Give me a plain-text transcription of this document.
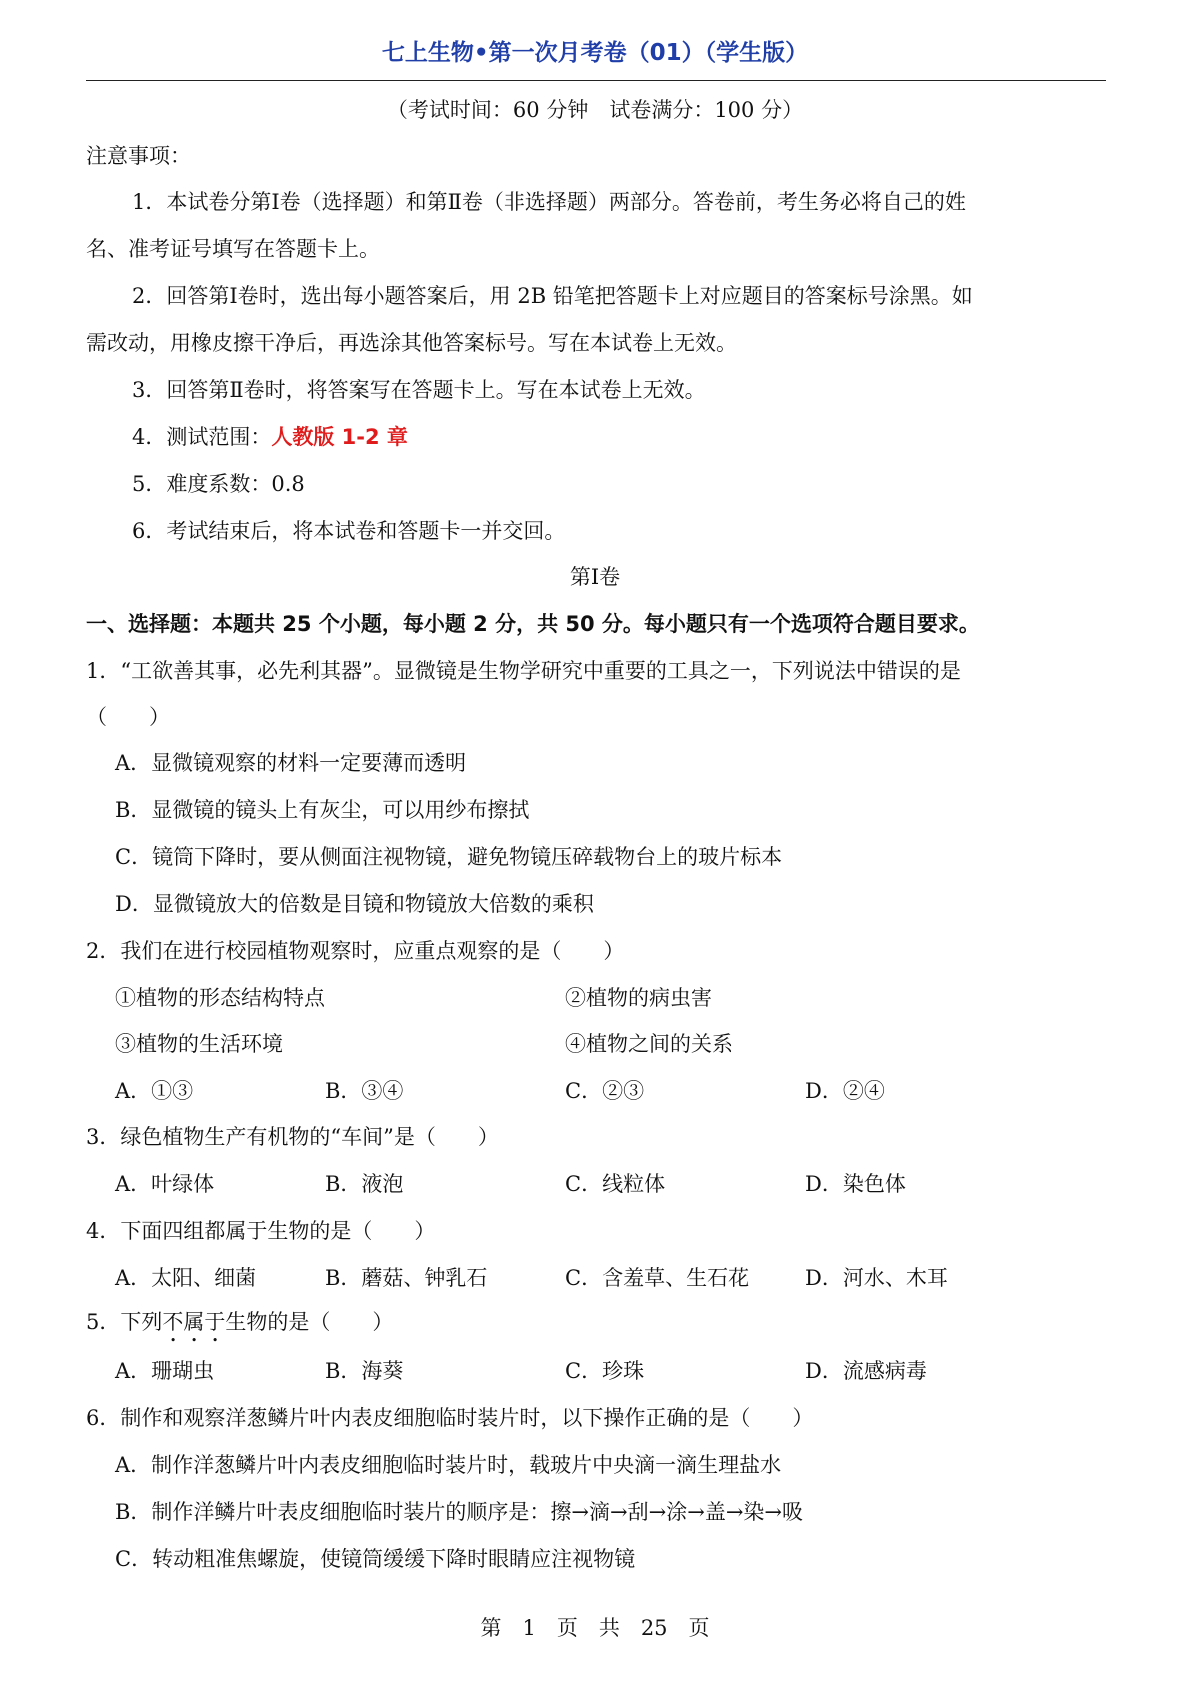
七上生物•第一次月考卷（01）（学生版）
（考试时间：60 分钟　试卷满分：100 分）
注意事项：
1．本试卷分第Ⅰ卷（选择题）和第Ⅱ卷（非选择题）两部分。答卷前，考生务必将自己的姓
名、准考证号填写在答题卡上。
2．回答第Ⅰ卷时，选出每小题答案后，用 2B 铅笔把答题卡上对应题目的答案标号涂黑。如
需改动，用橡皮擦干净后，再选涂其他答案标号。写在本试卷上无效。
3．回答第Ⅱ卷时，将答案写在答题卡上。写在本试卷上无效。
4．测试范围：人教版 1-2 章
5．难度系数：0.8
6．考试结束后，将本试卷和答题卡一并交回。
第Ⅰ卷
一、选择题：本题共 25 个小题，每小题 2 分，共 50 分。每小题只有一个选项符合题目要求。
1．“工欲善其事，必先利其器”。显微镜是生物学研究中重要的工具之一，下列说法中错误的是
（　　）
A．显微镜观察的材料一定要薄而透明
B．显微镜的镜头上有灰尘，可以用纱布擦拭
C．镜筒下降时，要从侧面注视物镜，避免物镜压碎载物台上的玻片标本
D．显微镜放大的倍数是目镜和物镜放大倍数的乘积
2．我们在进行校园植物观察时，应重点观察的是（　　）
①植物的形态结构特点	②植物的病虫害
③植物的生活环境	④植物之间的关系
A．①③	B．③④	C．②③	D．②④
3．绿色植物生产有机物的“车间”是（　　）
A．叶绿体	B．液泡	C．线粒体	D．染色体
4．下面四组都属于生物的是（　　）
A．太阳、细菌	B．蘑菇、钟乳石	C．含羞草、生石花	D．河水、木耳
5．下列不属于生物的是（　　）
A．珊瑚虫	B．海葵	C．珍珠	D．流感病毒
6．制作和观察洋葱鳞片叶内表皮细胞临时装片时，以下操作正确的是（　　）
A．制作洋葱鳞片叶内表皮细胞临时装片时，载玻片中央滴一滴生理盐水
B．制作洋鳞片叶表皮细胞临时装片的顺序是：擦→滴→刮→涂→盖→染→吸
C．转动粗准焦螺旋，使镜筒缓缓下降时眼睛应注视物镜
第　1　页　共　25　页
